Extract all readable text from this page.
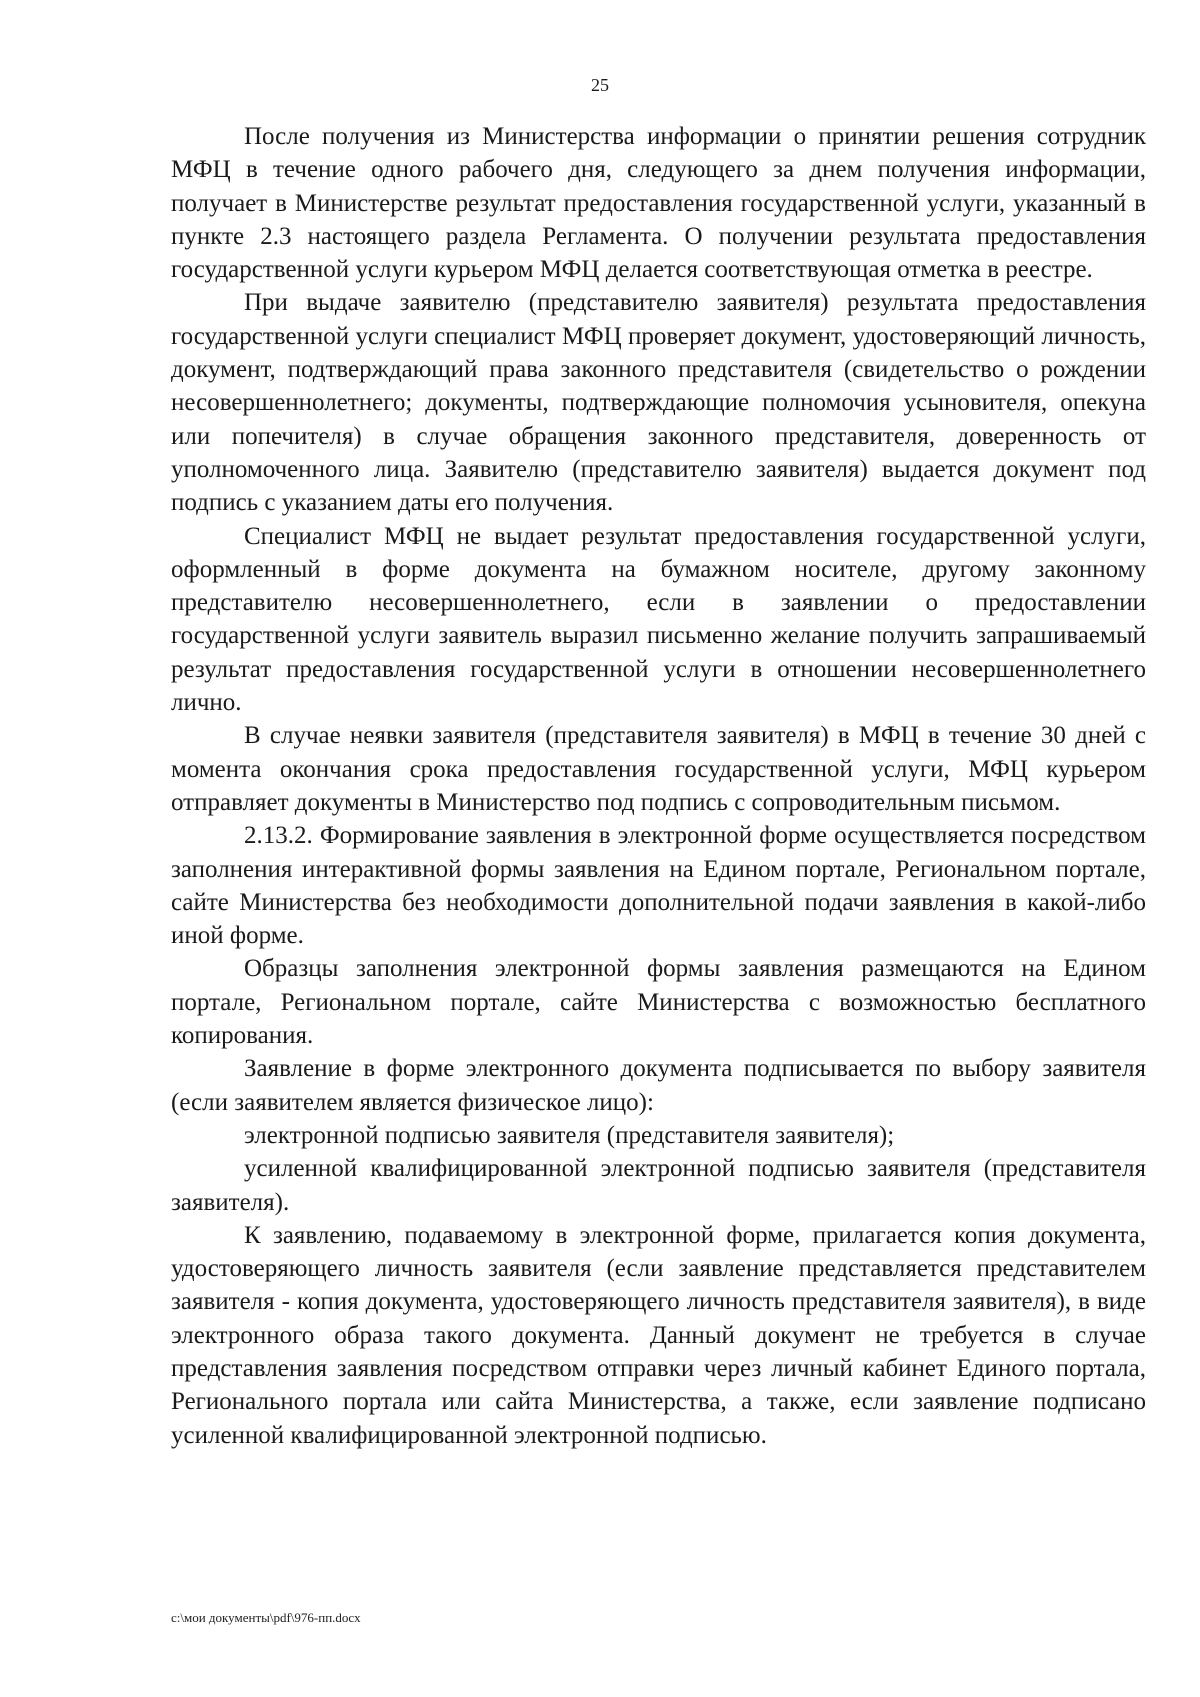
25

После получения из Министерства информации о принятии решения сотрудник МФЦ в течение одного рабочего дня, следующего за днем получения информации, получает в Министерстве результат предоставления государственной услуги, указанный в пункте 2.3 настоящего раздела Регламента. О получении результата предоставления государственной услуги курьером МФЦ делается соответствующая отметка в реестре.

При выдаче заявителю (представителю заявителя) результата предоставления государственной услуги специалист МФЦ проверяет документ, удостоверяющий личность, документ, подтверждающий права законного представителя (свидетельство о рождении несовершеннолетнего; документы, подтверждающие полномочия усыновителя, опекуна или попечителя) в случае обращения законного представителя, доверенность от уполномоченного лица. Заявителю (представителю заявителя) выдается документ под подпись с указанием даты его получения.

Специалист МФЦ не выдает результат предоставления государственной услуги, оформленный в форме документа на бумажном носителе, другому законному представителю несовершеннолетнего, если в заявлении о предоставлении государственной услуги заявитель выразил письменно желание получить запрашиваемый результат предоставления государственной услуги в отношении несовершеннолетнего лично.

В случае неявки заявителя (представителя заявителя) в МФЦ в течение 30 дней с момента окончания срока предоставления государственной услуги, МФЦ курьером отправляет документы в Министерство под подпись с сопроводительным письмом.

2.13.2. Формирование заявления в электронной форме осуществляется посредством заполнения интерактивной формы заявления на Едином портале, Региональном портале, сайте Министерства без необходимости дополнительной подачи заявления в какой-либо иной форме.

Образцы заполнения электронной формы заявления размещаются на Едином портале, Региональном портале, сайте Министерства с возможностью бесплатного копирования.

Заявление в форме электронного документа подписывается по выбору заявителя (если заявителем является физическое лицо):

электронной подписью заявителя (представителя заявителя);

усиленной квалифицированной электронной подписью заявителя (представителя заявителя).

К заявлению, подаваемому в электронной форме, прилагается копия документа, удостоверяющего личность заявителя (если заявление представляется представителем заявителя - копия документа, удостоверяющего личность представителя заявителя), в виде электронного образа такого документа. Данный документ не требуется в случае представления заявления посредством отправки через личный кабинет Единого портала, Регионального портала или сайта Министерства, а также, если заявление подписано усиленной квалифицированной электронной подписью.

c:\мои документы\pdf\976-пп.docx
